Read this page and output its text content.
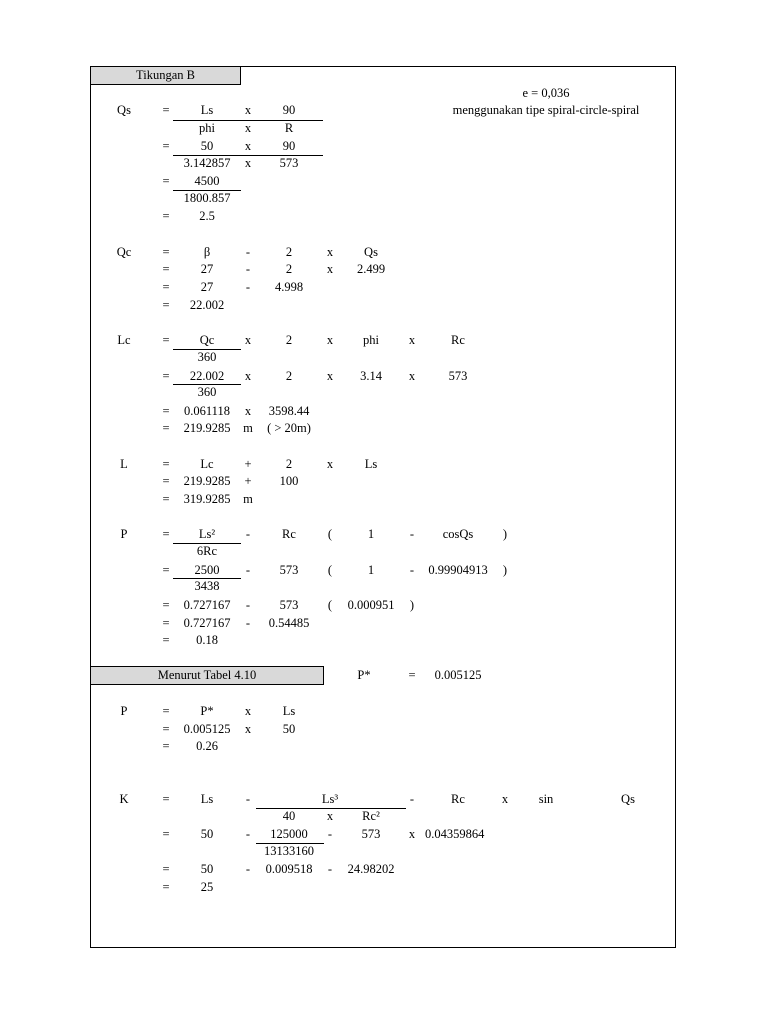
Tikungan B
e = 0,036
menggunakan tipe spiral-circle-spiral
Qs	= Ls	x	90
phi x	R
= 50	x	90
3.142857 x 573
= 4500
1800.857
= 2.5
Qc =	β	-	2	x Qs
= 27	-	2	x 2.499
= 27	- 4.998
= 22.002
Lc	= Qc x	2	x phi x	Rc
360
= 22.002 x	2	x 3.14 x	573
360
= 0.061118 x 3598.44
= 219.9285 m ( > 20m)
L	= Lc +	2	x	Ls
= 219.9285 + 100
= 319.9285 m
P	= Ls² -	Rc	(	1	- cosQs )
6Rc
= 2500 - 573 (	1	- 0.99904913 )
3438
= 0.727167 - 573 ( 0.000951 )
= 0.727167 - 0.54485
= 0.18
Menurut Tabel 4.10	P*	= 0.005125
P	= P*	x	Ls
= 0.005125 x	50
= 0.26
K	= Ls	-	Ls³	-	Rc	x sin	Qs
40	x Rc²
= 50	- 125000 - 573 x 0.04359864
13133160
= 50	- 0.009518 - 24.98202
= 25
